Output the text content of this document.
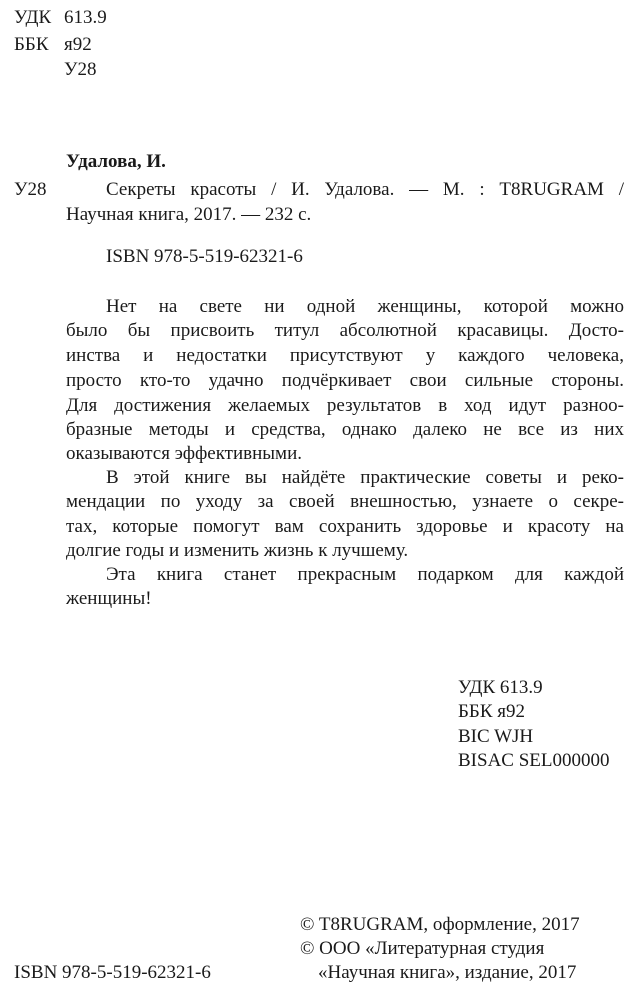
УДК 613.9
ББК я92
У28
Удалова, И.
У28	Секреты красоты / И. Удалова. — М. : T8RUGRAM /
Научная книга, 2017. — 232 с.
ISBN 978-5-519-62321-6
Нет на свете ни одной женщины, которой можно
было бы присвоить титул абсолютной красавицы. Досто-
инства и недостатки присутствуют у каждого человека,
просто кто-то удачно подчёркивает свои сильные стороны.
Для достижения желаемых результатов в ход идут разноо-
бразные методы и средства, однако далеко не все из них
оказываются эффективными.
В этой книге вы найдёте практические советы и реко-
мендации по уходу за своей внешностью, узнаете о секре-
тах, которые помогут вам сохранить здоровье и красоту на
долгие годы и изменить жизнь к лучшему.
Эта книга станет прекрасным подарком для каждой
женщины!
УДК 613.9
ББК я92
BIC WJH
BISAC SEL000000
© T8RUGRAM, оформление, 2017
© ООО «Литературная студия
«Научная книга», издание, 2017
ISBN 978-5-519-62321-6
